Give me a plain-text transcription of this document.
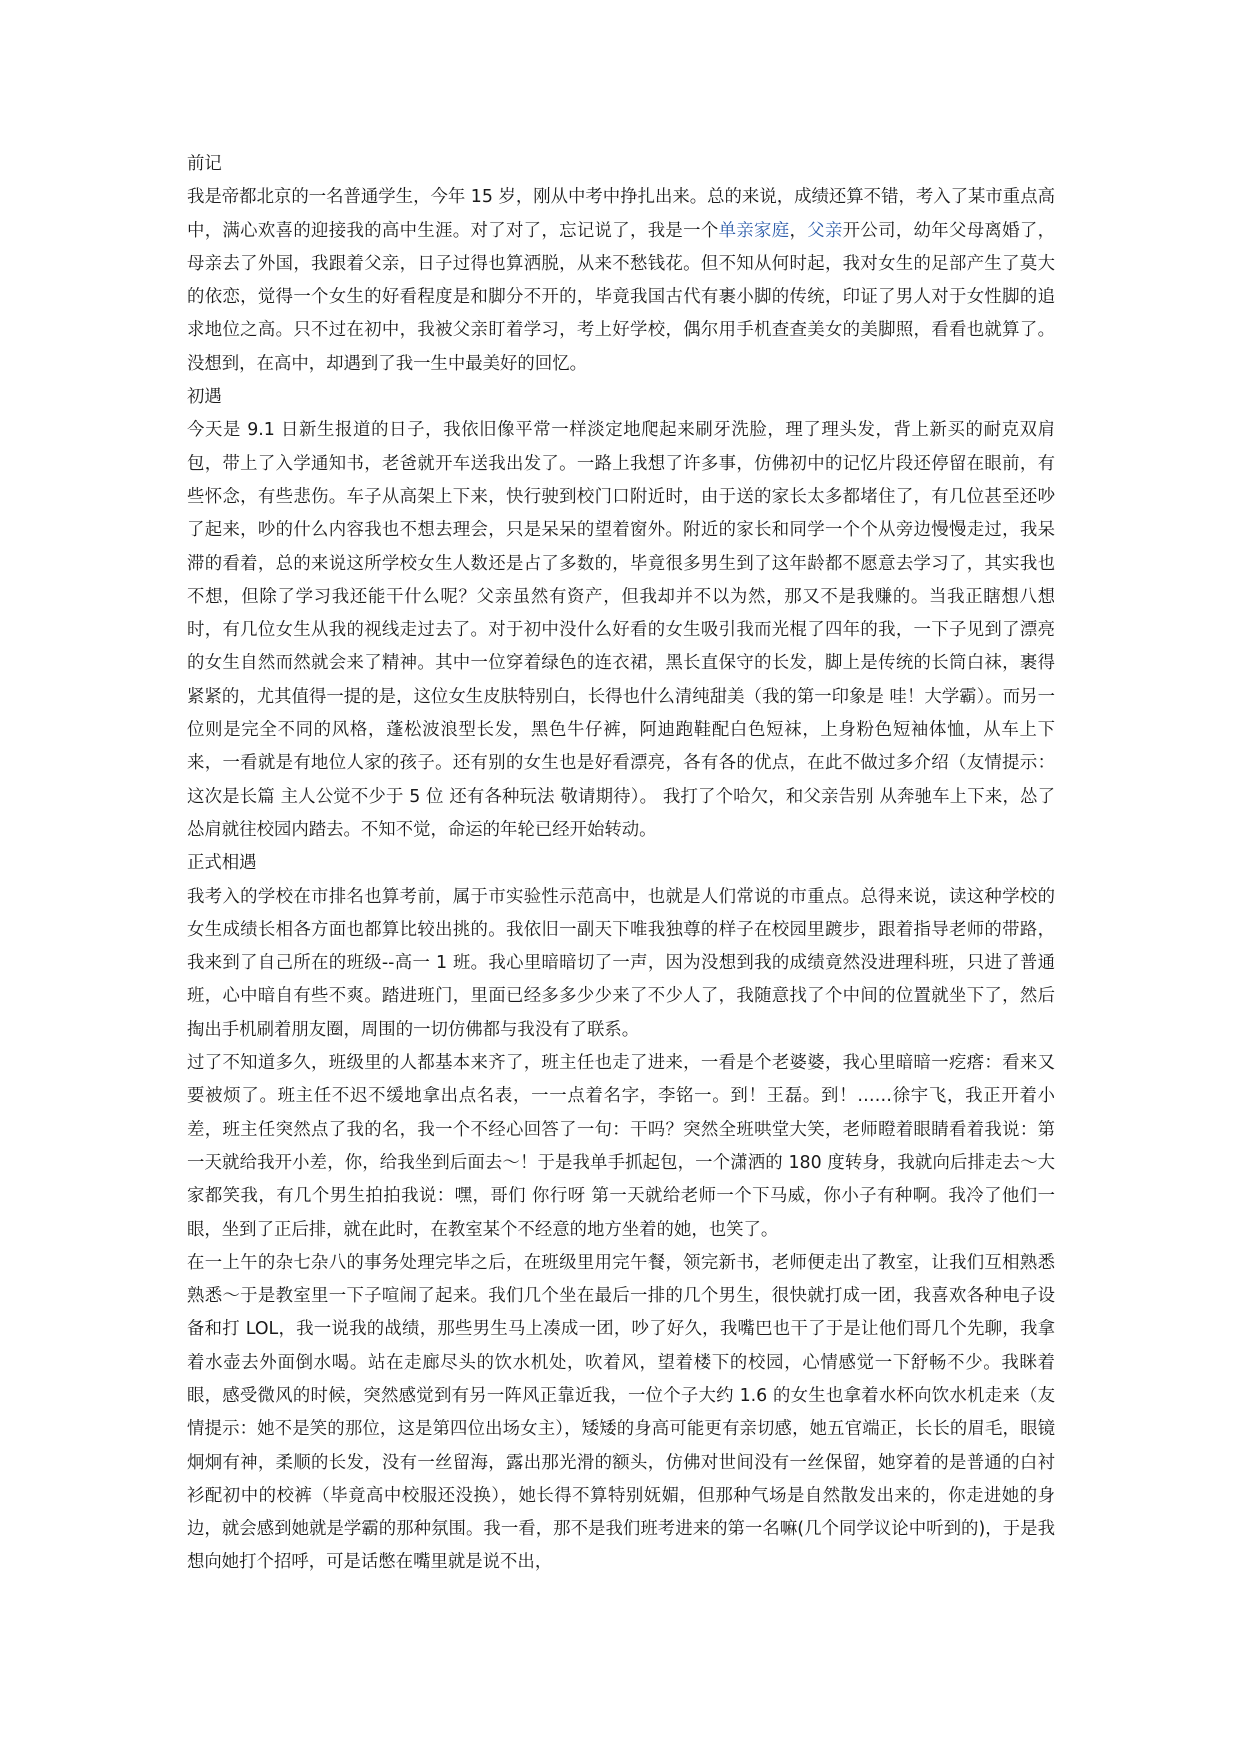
前记

我是帝都北京的一名普通学生，今年 15 岁，刚从中考中挣扎出来。总的来说，成绩还算不错，考入了某市重点高中，满心欢喜的迎接我的高中生涯。对了对了，忘记说了，我是一个单亲家庭，父亲开公司，幼年父母离婚了，母亲去了外国，我跟着父亲，日子过得也算洒脱，从来不愁钱花。但不知从何时起，我对女生的足部产生了莫大的依恋，觉得一个女生的好看程度是和脚分不开的，毕竟我国古代有裹小脚的传统，印证了男人对于女性脚的追求地位之高。只不过在初中，我被父亲盯着学习，考上好学校，偶尔用手机查查美女的美脚照，看看也就算了。没想到，在高中，却遇到了我一生中最美好的回忆。

初遇

今天是 9.1 日新生报道的日子，我依旧像平常一样淡定地爬起来刷牙洗脸，理了理头发，背上新买的耐克双肩包，带上了入学通知书，老爸就开车送我出发了。一路上我想了许多事，仿佛初中的记忆片段还停留在眼前，有些怀念，有些悲伤。车子从高架上下来，快行驶到校门口附近时，由于送的家长太多都堵住了，有几位甚至还吵了起来，吵的什么内容我也不想去理会，只是呆呆的望着窗外。附近的家长和同学一个个从旁边慢慢走过，我呆滞的看着，总的来说这所学校女生人数还是占了多数的，毕竟很多男生到了这年龄都不愿意去学习了，其实我也不想，但除了学习我还能干什么呢？父亲虽然有资产，但我却并不以为然，那又不是我赚的。当我正瞎想八想时，有几位女生从我的视线走过去了。对于初中没什么好看的女生吸引我而光棍了四年的我，一下子见到了漂亮的女生自然而然就会来了精神。其中一位穿着绿色的连衣裙，黑长直保守的长发，脚上是传统的长筒白袜，裹得紧紧的，尤其值得一提的是，这位女生皮肤特别白，长得也什么清纯甜美（我的第一印象是 哇！大学霸）。而另一位则是完全不同的风格，蓬松波浪型长发，黑色牛仔裤，阿迪跑鞋配白色短袜，上身粉色短袖体恤，从车上下来，一看就是有地位人家的孩子。还有别的女生也是好看漂亮，各有各的优点，在此不做过多介绍（友情提示：这次是长篇 主人公觉不少于 5 位 还有各种玩法 敬请期待）。 我打了个哈欠，和父亲告别 从奔驰车上下来，怂了怂肩就往校园内踏去。不知不觉，命运的年轮已经开始转动。

正式相遇

我考入的学校在市排名也算考前，属于市实验性示范高中，也就是人们常说的市重点。总得来说，读这种学校的女生成绩长相各方面也都算比较出挑的。我依旧一副天下唯我独尊的样子在校园里踱步，跟着指导老师的带路，我来到了自己所在的班级--高一 1 班。我心里暗暗切了一声，因为没想到我的成绩竟然没进理科班，只进了普通班，心中暗自有些不爽。踏进班门，里面已经多多少少来了不少人了，我随意找了个中间的位置就坐下了，然后掏出手机刷着朋友圈，周围的一切仿佛都与我没有了联系。

过了不知道多久，班级里的人都基本来齐了，班主任也走了进来，一看是个老婆婆，我心里暗暗一疙瘩：看来又要被烦了。班主任不迟不缓地拿出点名表，一一点着名字，李铭一。到！王磊。到！……徐宇飞，我正开着小差，班主任突然点了我的名，我一个不经心回答了一句：干吗？突然全班哄堂大笑，老师瞪着眼睛看着我说：第一天就给我开小差，你，给我坐到后面去～！于是我单手抓起包，一个潇洒的 180 度转身，我就向后排走去～大家都笑我，有几个男生拍拍我说：嘿，哥们 你行呀 第一天就给老师一个下马威，你小子有种啊。我冷了他们一眼，坐到了正后排，就在此时，在教室某个不经意的地方坐着的她，也笑了。

在一上午的杂七杂八的事务处理完毕之后，在班级里用完午餐，领完新书，老师便走出了教室，让我们互相熟悉熟悉～于是教室里一下子喧闹了起来。我们几个坐在最后一排的几个男生，很快就打成一团，我喜欢各种电子设备和打 LOL，我一说我的战绩，那些男生马上凑成一团，吵了好久，我嘴巴也干了于是让他们哥几个先聊，我拿着水壶去外面倒水喝。站在走廊尽头的饮水机处，吹着风，望着楼下的校园，心情感觉一下舒畅不少。我眯着眼，感受微风的时候，突然感觉到有另一阵风正靠近我，一位个子大约 1.6 的女生也拿着水杯向饮水机走来（友情提示：她不是笑的那位，这是第四位出场女主），矮矮的身高可能更有亲切感，她五官端正，长长的眉毛，眼镜炯炯有神，柔顺的长发，没有一丝留海，露出那光滑的额头，仿佛对世间没有一丝保留，她穿着的是普通的白衬衫配初中的校裤（毕竟高中校服还没换），她长得不算特别妩媚，但那种气场是自然散发出来的，你走进她的身边，就会感到她就是学霸的那种氛围。我一看，那不是我们班考进来的第一名嘛(几个同学议论中听到的)，于是我想向她打个招呼，可是话憋在嘴里就是说不出，
